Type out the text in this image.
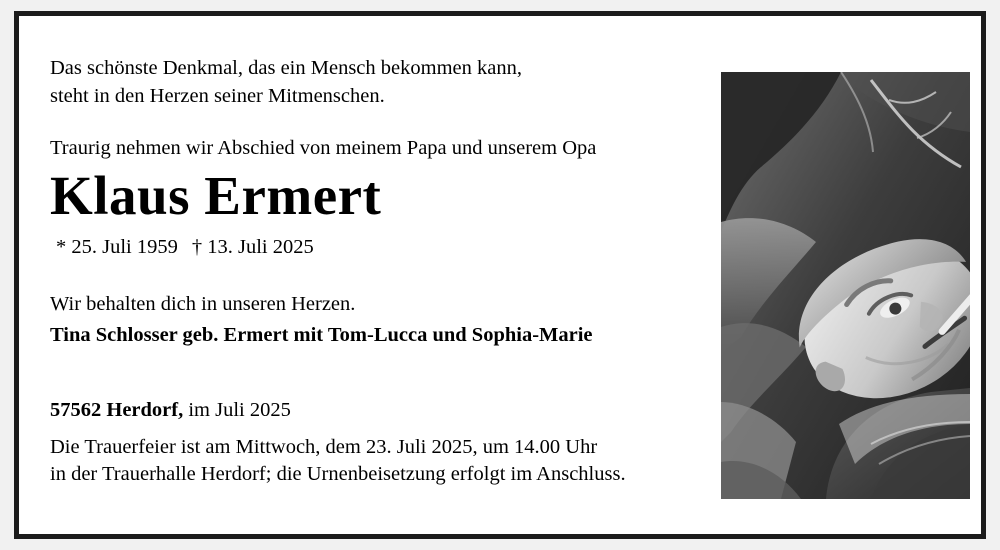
Das schönste Denkmal, das ein Mensch bekommen kann,
steht in den Herzen seiner Mitmenschen.

Traurig nehmen wir Abschied von meinem Papa und unserem Opa

Klaus Ermert

* 25. Juli 1959 † 13. Juli 2025

Wir behalten dich in unseren Herzen.

Tina Schlosser geb. Ermert mit Tom-Lucca und Sophia-Marie

57562 Herdorf, im Juli 2025

Die Trauerfeier ist am Mittwoch, dem 23. Juli 2025, um 14.00 Uhr
in der Trauerhalle Herdorf; die Urnenbeisetzung erfolgt im Anschluss.
